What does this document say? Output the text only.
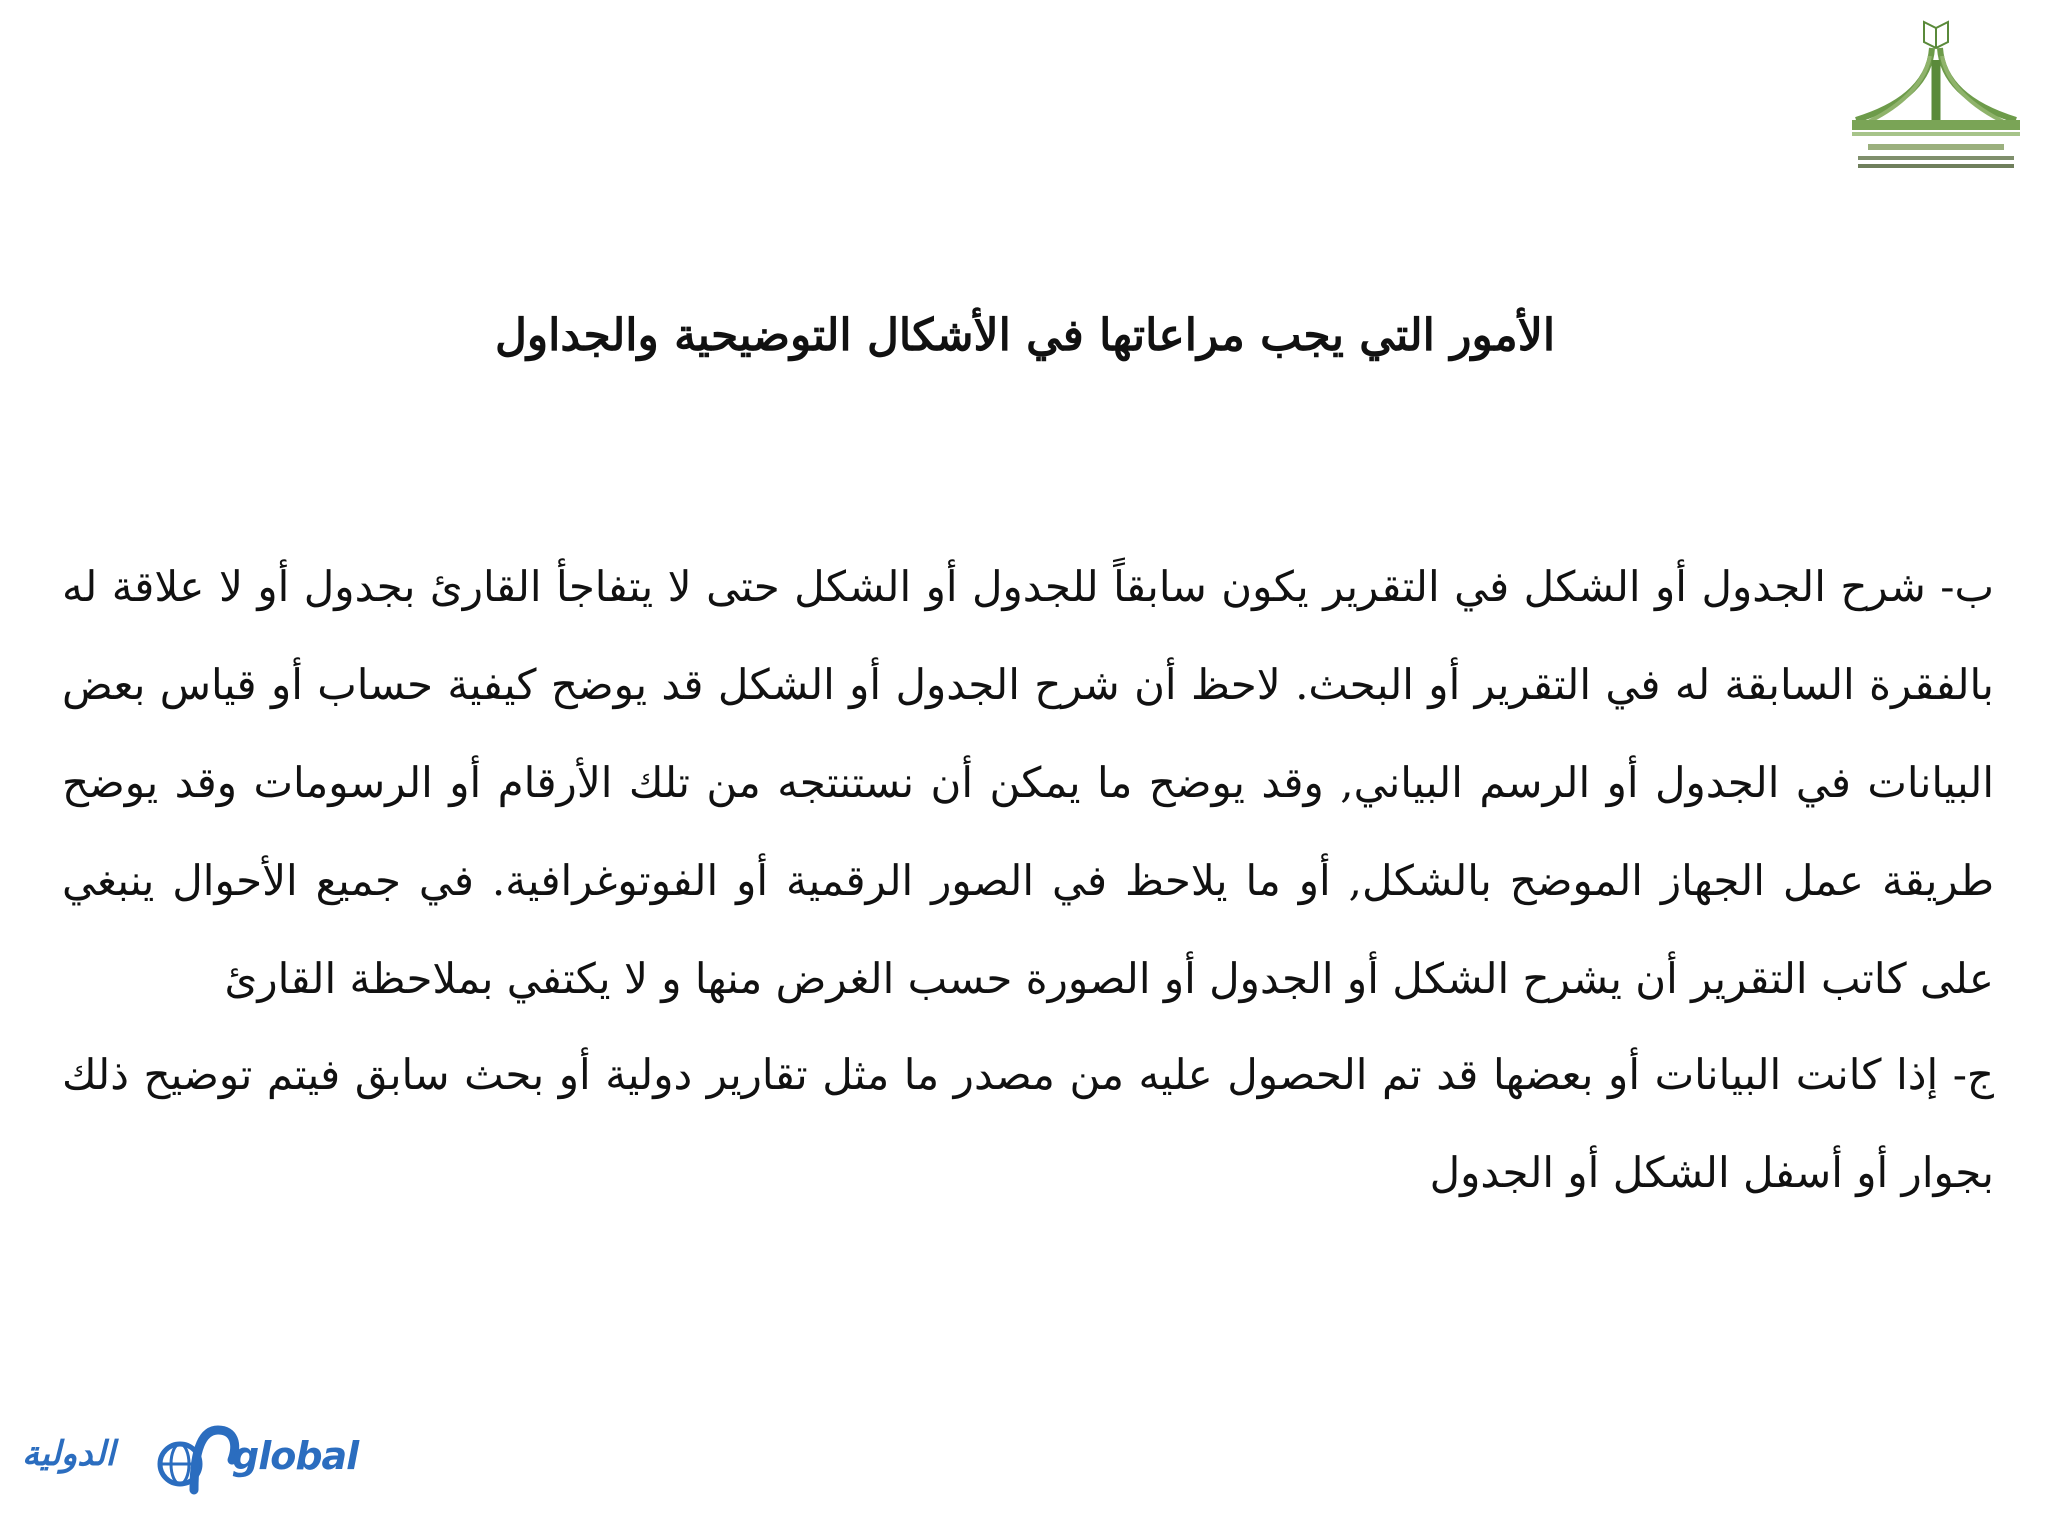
الأمور التي يجب مراعاتها في الأشكال التوضيحية والجداول

ب- شرح الجدول أو الشكل في التقرير يكون سابقاً للجدول أو الشكل حتى لا يتفاجأ القارئ بجدول أو لا علاقة له بالفقرة السابقة له في التقرير أو البحث. لاحظ أن شرح الجدول أو الشكل قد يوضح كيفية حساب أو قياس بعض البيانات في الجدول أو الرسم البياني, وقد يوضح ما يمكن أن نستنتجه من تلك الأرقام أو الرسومات وقد يوضح طريقة عمل الجهاز الموضح بالشكل, أو ما يلاحظ في الصور الرقمية أو الفوتوغرافية. في جميع الأحوال ينبغي على كاتب التقرير أن يشرح الشكل أو الجدول أو الصورة حسب الغرض منها و لا يكتفي بملاحظة القارئ

ج- إذا كانت البيانات أو بعضها قد تم الحصول عليه من مصدر ما مثل تقارير دولية أو بحث سابق فيتم توضيح ذلك بجوار أو أسفل الشكل أو الجدول

الدولية	global
